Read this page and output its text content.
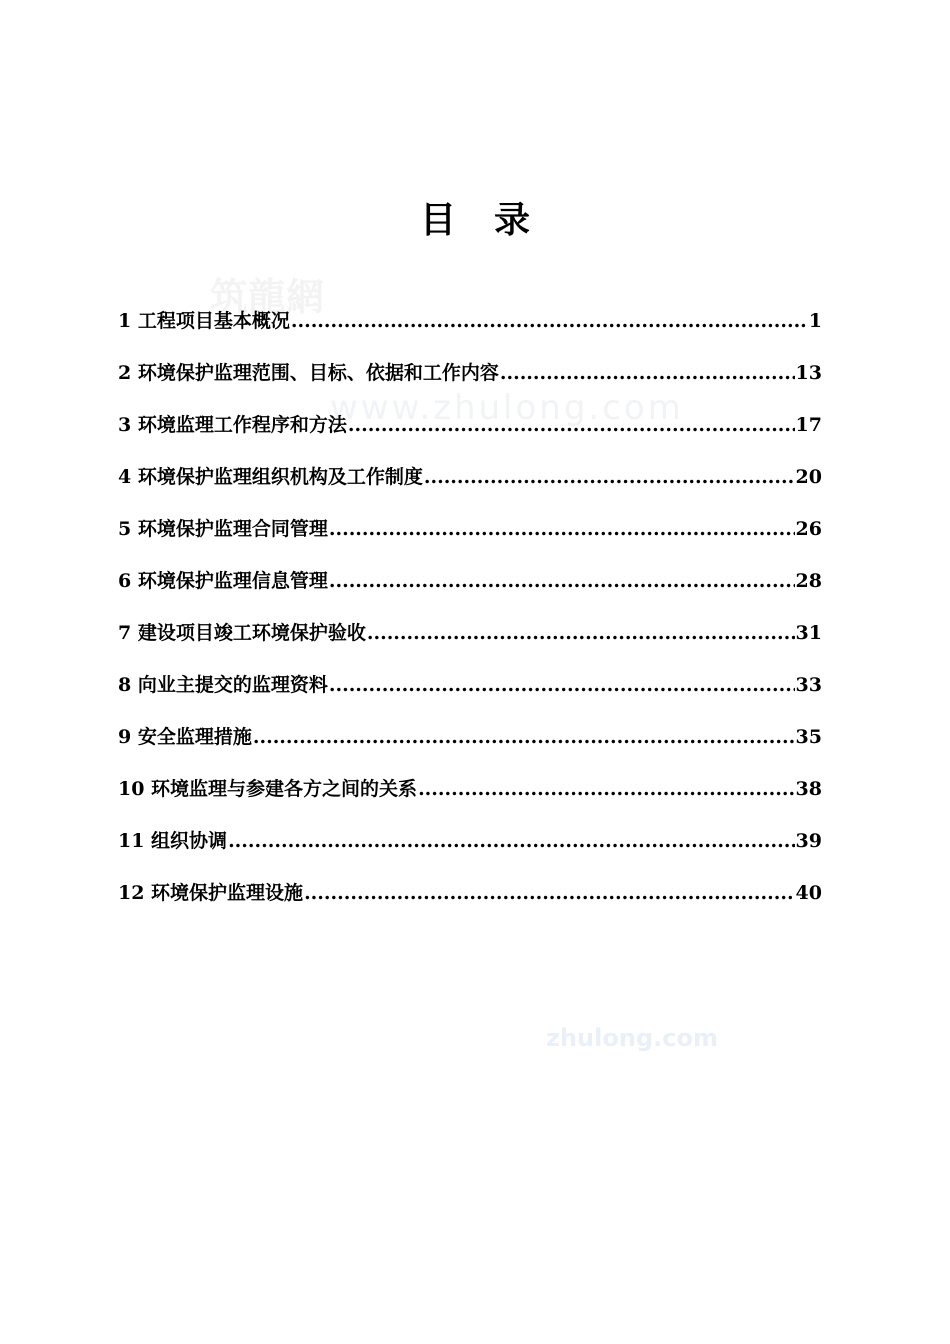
筑龍網
www.zhulong.com
zhulong.com
目录
1 工程项目基本概况 .....	1
2 环境保护监理范围、目标、依据和工作内容 .....	13
3 环境监理工作程序和方法 .....	17
4 环境保护监理组织机构及工作制度 .....	20
5 环境保护监理合同管理 .....	26
6 环境保护监理信息管理 .....	28
7 建设项目竣工环境保护验收 .....	31
8 向业主提交的监理资料 .....	33
9 安全监理措施 .....	35
10 环境监理与参建各方之间的关系 .....	38
11 组织协调 .....	39
12 环境保护监理设施 .....	40
